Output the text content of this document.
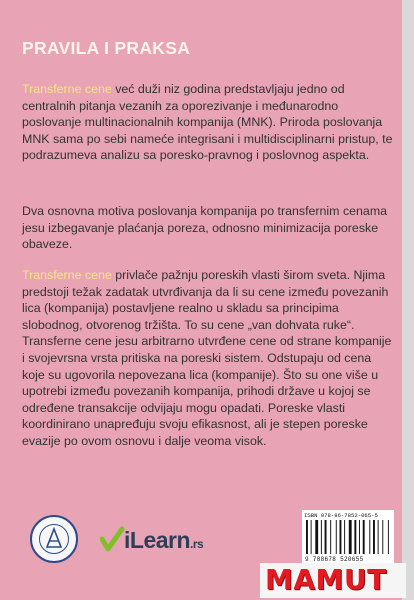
PRAVILA I PRAKSA

Transferne cene već duži niz godina predstavljaju jedno od centralnih pitanja vezanih za oporezivanje i međunarodno poslovanje multinacionalnih kompanija (MNK). Priroda poslovanja MNK sama po sebi nameće integrisani i multidisciplinarni pristup, te podrazumeva analizu sa poresko-pravnog i poslovnog aspekta.

Dva osnovna motiva poslovanja kompanija po transfernim cenama jesu izbegavanje plaćanja poreza, odnosno minimizacija poreske obaveze.

Transferne cene privlače pažnju poreskih vlasti širom sveta. Njima predstoji težak zadatak utvrđivanja da li su cene između povezanih lica (kompanija) postavljene realno u skladu sa principima slobodnog, otvorenog tržišta. To su cene „van dohvata ruke“. Transferne cene jesu arbitrarno utvrđene cene od strane kompanije i svojevrsna vrsta pritiska na poreski sistem. Odstupaju od cena koje su ugovorila nepovezana lica (kompanije). Što su one više u upotrebi između povezanih kompanija, prihodi države u kojoj se određene transakcije odvijaju mogu opadati. Poreske vlasti koordinirano unapređuju svoju efikasnost, ali je stepen poreske evazije po ovom osnovu i dalje veoma visok.

iLearn.rs
ISBN 978-86-7852-065-5
9 788678 520655
MAMUT
